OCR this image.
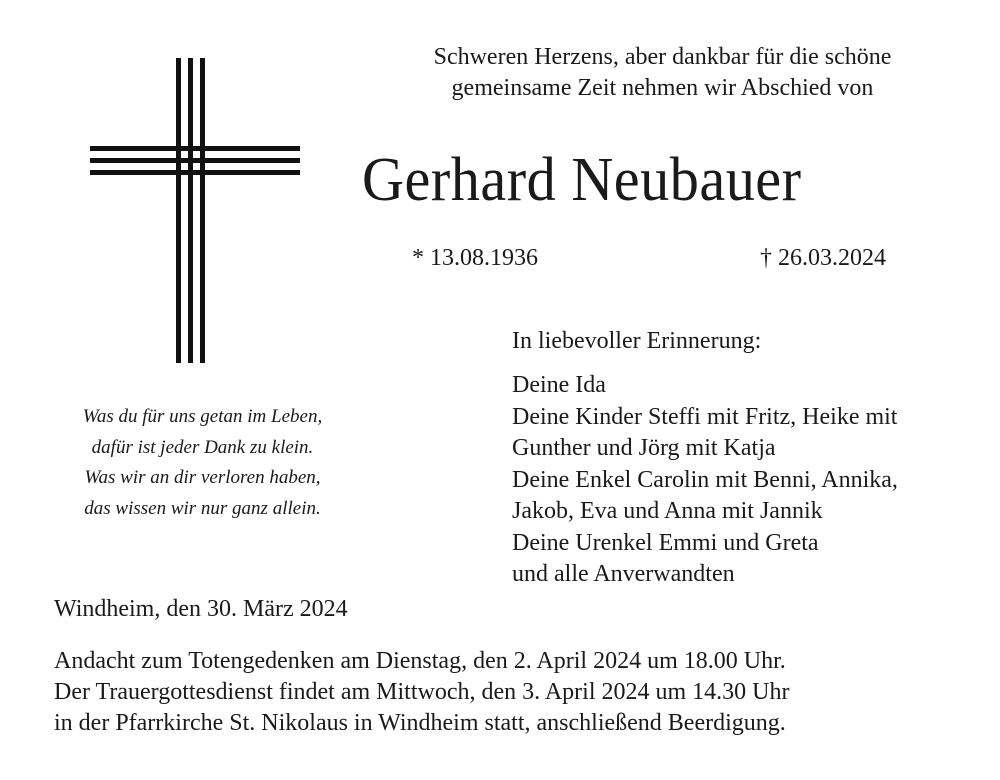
Schweren Herzens, aber dankbar für die schöne
gemeinsame Zeit nehmen wir Abschied von
Gerhard Neubauer
* 13.08.1936	† 26.03.2024
In liebevoller Erinnerung:
Deine Ida
Deine Kinder Steffi mit Fritz, Heike mit
Gunther und Jörg mit Katja
Deine Enkel Carolin mit Benni, Annika,
Jakob, Eva und Anna mit Jannik
Deine Urenkel Emmi und Greta
und alle Anverwandten
Was du für uns getan im Leben,
dafür ist jeder Dank zu klein.
Was wir an dir verloren haben,
das wissen wir nur ganz allein.
Windheim, den 30. März 2024
Andacht zum Totengedenken am Dienstag, den 2. April 2024 um 18.00 Uhr.
Der Trauergottesdienst findet am Mittwoch, den 3. April 2024 um 14.30 Uhr
in der Pfarrkirche St. Nikolaus in Windheim statt, anschließend Beerdigung.
